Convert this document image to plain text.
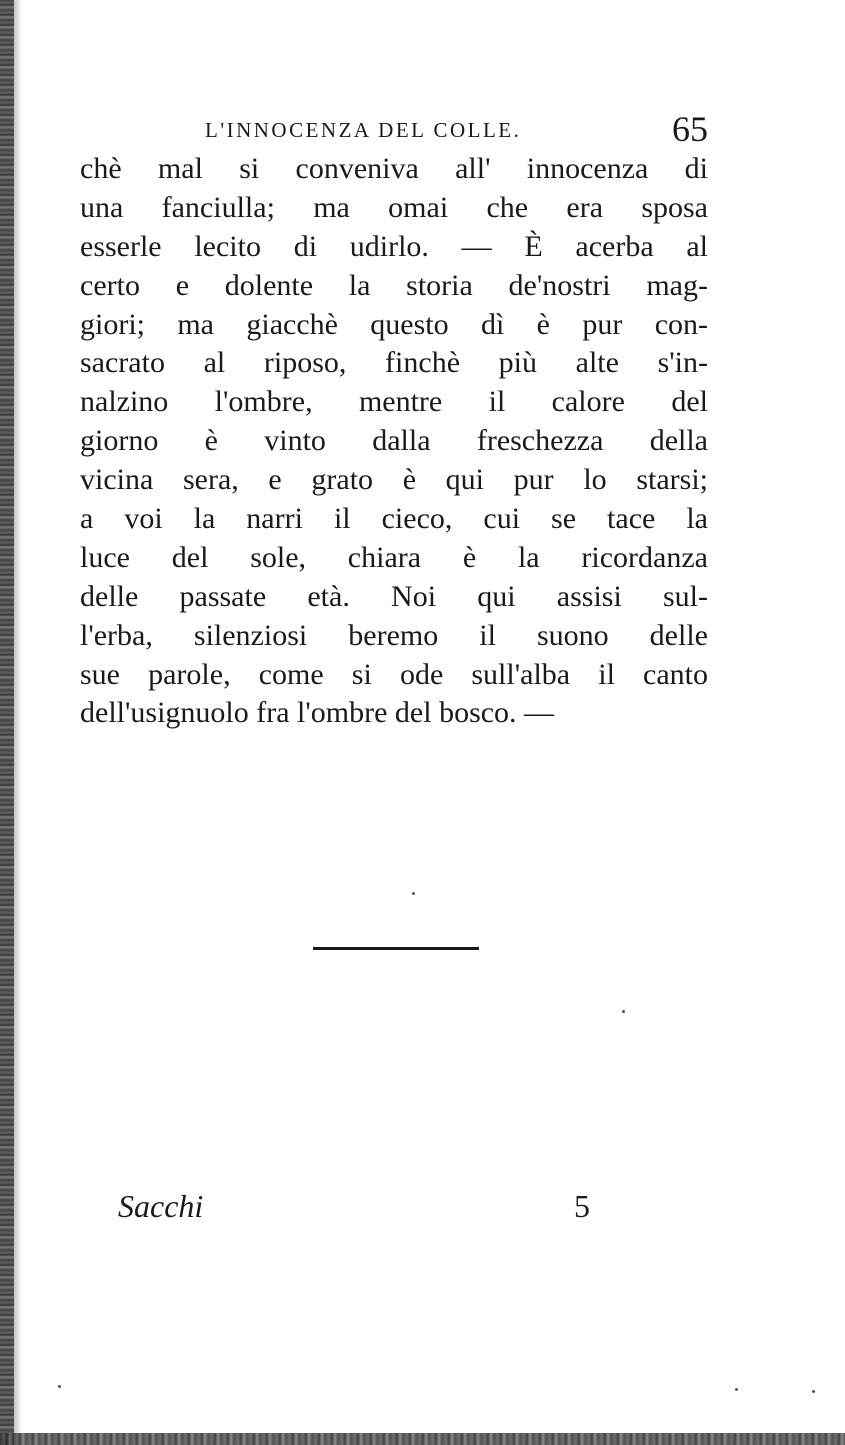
L'INNOCENZA DEL COLLE.	65
chè mal si conveniva all' innocenza di
una fanciulla; ma omai che era sposa
esserle lecito di udirlo. –– È acerba al
certo e dolente la storia de'nostri mag-
giori; ma giacchè questo dì è pur con-
sacrato al riposo, finchè più alte s'in-
nalzino l'ombre, mentre il calore del
giorno è vinto dalla freschezza della
vicina sera, e grato è qui pur lo starsi;
a voi la narri il cieco, cui se tace la
luce del sole, chiara è la ricordanza
delle passate età. Noi qui assisi sul-
l'erba, silenziosi beremo il suono delle
sue parole, come si ode sull'alba il canto
dell'usignuolo fra l'ombre del bosco. —
Sacchi	5
